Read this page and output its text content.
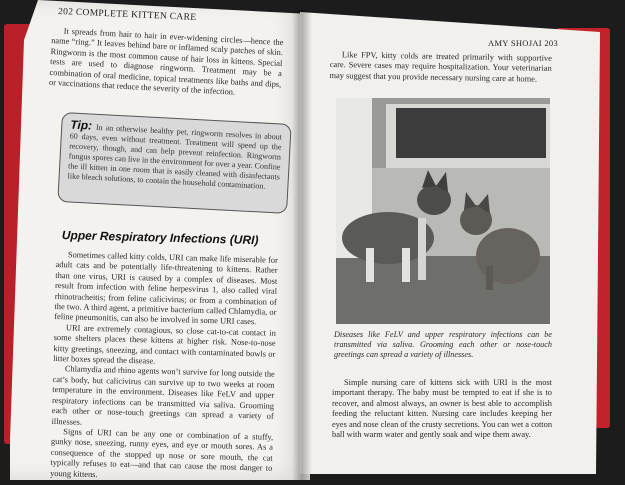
202 COMPLETE KITTEN CARE

It spreads from hair to hair in ever-widening circles—hence the name “ring.” It leaves behind bare or inflamed scaly patches of skin. Ringworm is the most common cause of hair loss in kittens. Special tests are used to diagnose ringworm. Treatment may be a combination of oral medicine, topical treatments like baths and dips, or vaccinations that reduce the severity of the infection.

Tip: In an otherwise healthy pet, ringworm resolves in about 60 days, even without treatment. Treatment will speed up the recovery, though, and can help prevent reinfection. Ringworm fungus spores can live in the environment for over a year. Confine the ill kitten in one room that is easily cleaned with disinfectants like bleach solutions, to contain the household contamination.
Upper Respiratory Infections (URI)

Sometimes called kitty colds, URI can make life miserable for adult cats and be potentially life-threatening to kittens. Rather than one virus, URI is caused by a complex of diseases. Most result from infection with feline herpesvirus 1, also called viral rhinotracheitis; from feline calicivirus; or from a combination of the two. A third agent, a primitive bacterium called Chlamydia, or feline pneumonitis, can also be involved in some URI cases.

URI are extremely contagious, so close cat-to-cat contact in some shelters places these kittens at higher risk. Nose-to-nose kitty greetings, sneezing, and contact with contaminated bowls or litter boxes spread the disease.

Chlamydia and rhino agents won’t survive for long outside the cat’s body, but calicivirus can survive up to two weeks at room temperature in the environment. Diseases like FeLV and upper respiratory infections can be transmitted via saliva. Grooming each other or nose-touch greetings can spread a variety of illnesses.

Signs of URI can be any one or combination of a stuffy, gunky nose, sneezing, runny eyes, and eye or mouth sores. As a consequence of the stopped up nose or sore mouth, the cat typically refuses to eat—and that can cause the most danger to young kittens.

AMY SHOJAI 203

Like FPV, kitty colds are treated primarily with supportive care. Severe cases may require hospitalization. Your veterinarian may suggest that you provide necessary nursing care at home.

Diseases like FeLV and upper respiratory infections can be transmitted via saliva. Grooming each other or nose-touch greetings can spread a variety of illnesses.

Simple nursing care of kittens sick with URI is the most important therapy. The baby must be tempted to eat if she is to recover, and almost always, an owner is best able to accomplish feeding the reluctant kitten. Nursing care includes keeping her eyes and nose clean of the crusty secretions. You can wet a cotton ball with warm water and gently soak and wipe them away.
